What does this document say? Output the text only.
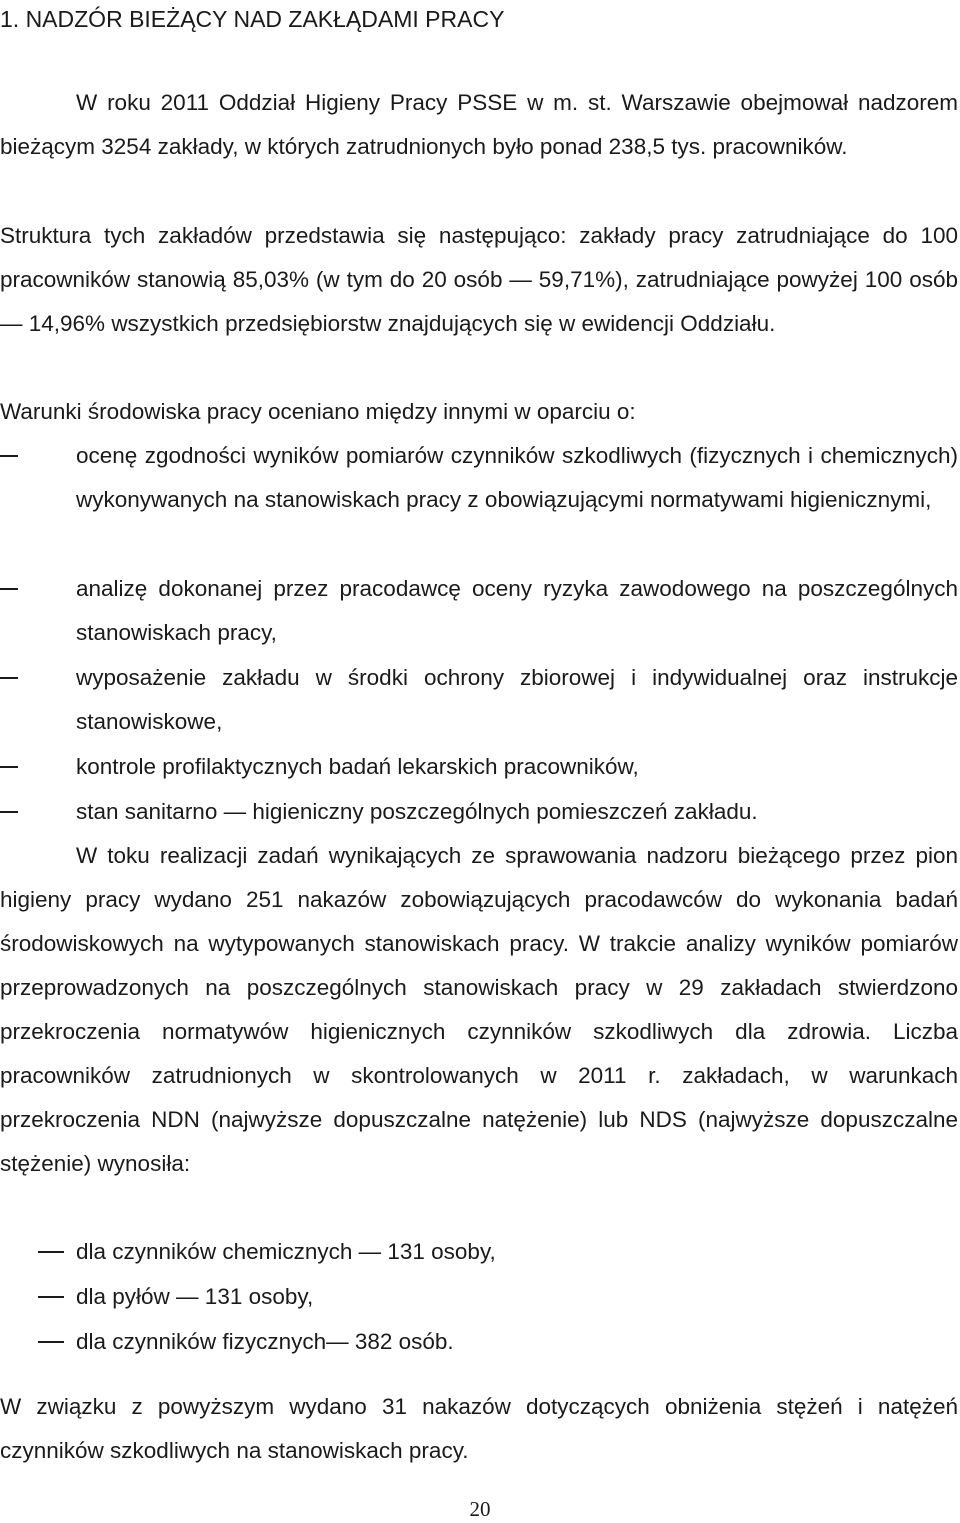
1. NADZÓR BIEŻĄCY NAD ZAKŁĄDAMI PRACY
W roku 2011 Oddział Higieny Pracy PSSE w m. st. Warszawie obejmował nadzorem bieżącym 3254 zakłady, w których zatrudnionych było ponad 238,5 tys. pracowników.
Struktura tych zakładów przedstawia się następująco: zakłady pracy zatrudniające do 100 pracowników stanowią 85,03% (w tym do 20 osób — 59,71%), zatrudniające powyżej 100 osób — 14,96% wszystkich przedsiębiorstw znajdujących się w ewidencji Oddziału.
Warunki środowiska pracy oceniano między innymi w oparciu o:
ocenę zgodności wyników pomiarów czynników szkodliwych (fizycznych i chemicznych) wykonywanych na stanowiskach pracy z obowiązującymi normatywami higienicznymi,
analizę dokonanej przez pracodawcę oceny ryzyka zawodowego na poszczególnych stanowiskach pracy,
wyposażenie zakładu w środki ochrony zbiorowej i indywidualnej oraz instrukcje stanowiskowe,
kontrole profilaktycznych badań lekarskich pracowników,
stan sanitarno — higieniczny poszczególnych pomieszczeń zakładu.
W toku realizacji zadań wynikających ze sprawowania nadzoru bieżącego przez pion higieny pracy wydano 251 nakazów zobowiązujących pracodawców do wykonania badań środowiskowych na wytypowanych stanowiskach pracy. W trakcie analizy wyników pomiarów przeprowadzonych na poszczególnych stanowiskach pracy w 29 zakładach stwierdzono przekroczenia normatywów higienicznych czynników szkodliwych dla zdrowia. Liczba pracowników zatrudnionych w skontrolowanych w 2011 r. zakładach, w warunkach przekroczenia NDN (najwyższe dopuszczalne natężenie) lub NDS (najwyższe dopuszczalne stężenie) wynosiła:
dla czynników chemicznych — 131 osoby,
dla pyłów — 131 osoby,
dla czynników fizycznych— 382 osób.
W związku z powyższym wydano 31 nakazów dotyczących obniżenia stężeń i natężeń czynników szkodliwych na stanowiskach pracy.
20
